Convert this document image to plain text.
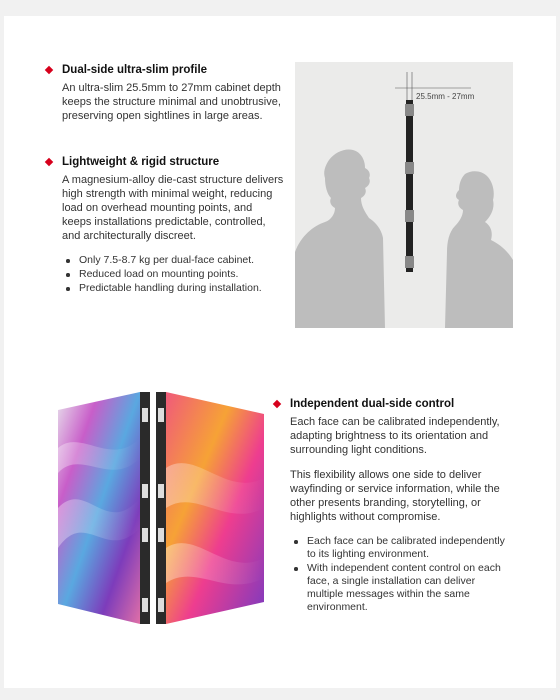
Dual-side ultra-slim profile

An ultra-slim 25.5mm to 27mm cabinet depth keeps the structure minimal and unobtrusive, preserving open sightlines in large areas.

Lightweight & rigid structure

A magnesium-alloy die-cast structure delivers high strength with minimal weight, reducing load on overhead mounting points, and keeps installations predictable, controlled, and architecturally discreet.

Only 7.5-8.7 kg per dual-face cabinet.
Reduced load on mounting points.
Predictable handling during installation.
25.5mm - 27mm
Independent dual-side control

Each face can be calibrated independently, adapting brightness to its orientation and surrounding light conditions.

This flexibility allows one side to deliver wayfinding or service information, while the other presents branding, storytelling, or highlights without compromise.

Each face can be calibrated independently to its lighting environment.
With independent content control on each face, a single installation can deliver multiple messages within the same environment.
